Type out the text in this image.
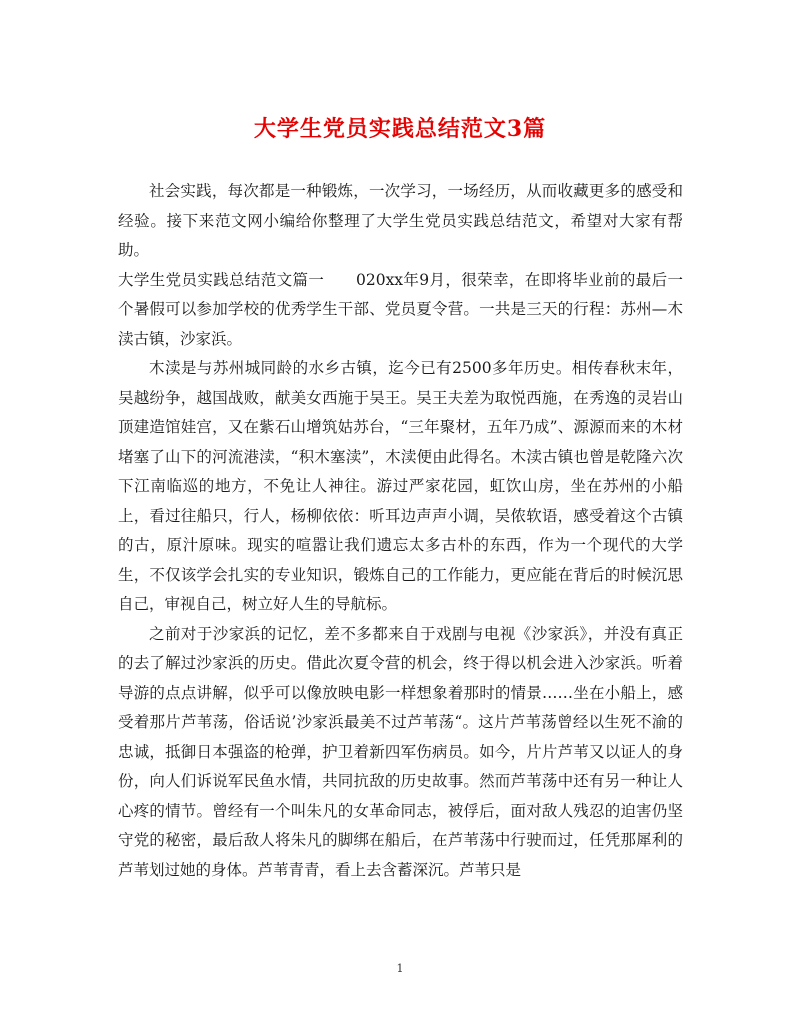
大学生党员实践总结范文3篇

社会实践，每次都是一种锻炼，一次学习，一场经历，从而收藏更多的感受和经验。接下来范文网小编给你整理了大学生党员实践总结范文，希望对大家有帮助。

大学生党员实践总结范文篇一　　020xx年9月，很荣幸，在即将毕业前的最后一个暑假可以参加学校的优秀学生干部、党员夏令营。一共是三天的行程：苏州—木渎古镇，沙家浜。

木渎是与苏州城同龄的水乡古镇，迄今已有2500多年历史。相传春秋末年，吴越纷争，越国战败，献美女西施于吴王。吴王夫差为取悦西施，在秀逸的灵岩山顶建造馆娃宫，又在紫石山增筑姑苏台，“三年聚材，五年乃成”、源源而来的木材堵塞了山下的河流港渎，“积木塞渎”，木渎便由此得名。木渎古镇也曾是乾隆六次下江南临巡的地方，不免让人神往。游过严家花园，虹饮山房，坐在苏州的小船上，看过往船只，行人，杨柳依依：听耳边声声小调，吴侬软语，感受着这个古镇的古，原汁原味。现实的喧嚣让我们遗忘太多古朴的东西，作为一个现代的大学生，不仅该学会扎实的专业知识，锻炼自己的工作能力，更应能在背后的时候沉思自己，审视自己，树立好人生的导航标。

之前对于沙家浜的记忆，差不多都来自于戏剧与电视《沙家浜》，并没有真正的去了解过沙家浜的历史。借此次夏令营的机会，终于得以机会进入沙家浜。听着导游的点点讲解，似乎可以像放映电影一样想象着那时的情景……坐在小船上，感受着那片芦苇荡，俗话说’沙家浜最美不过芦苇荡“。这片芦苇荡曾经以生死不渝的忠诚，抵御日本强盗的枪弹，护卫着新四军伤病员。如今，片片芦苇又以证人的身份，向人们诉说军民鱼水情，共同抗敌的历史故事。然而芦苇荡中还有另一种让人心疼的情节。曾经有一个叫朱凡的女革命同志，被俘后，面对敌人残忍的迫害仍坚守党的秘密，最后敌人将朱凡的脚绑在船后，在芦苇荡中行驶而过，任凭那犀利的芦苇划过她的身体。芦苇青青，看上去含蓄深沉。芦苇只是

1
